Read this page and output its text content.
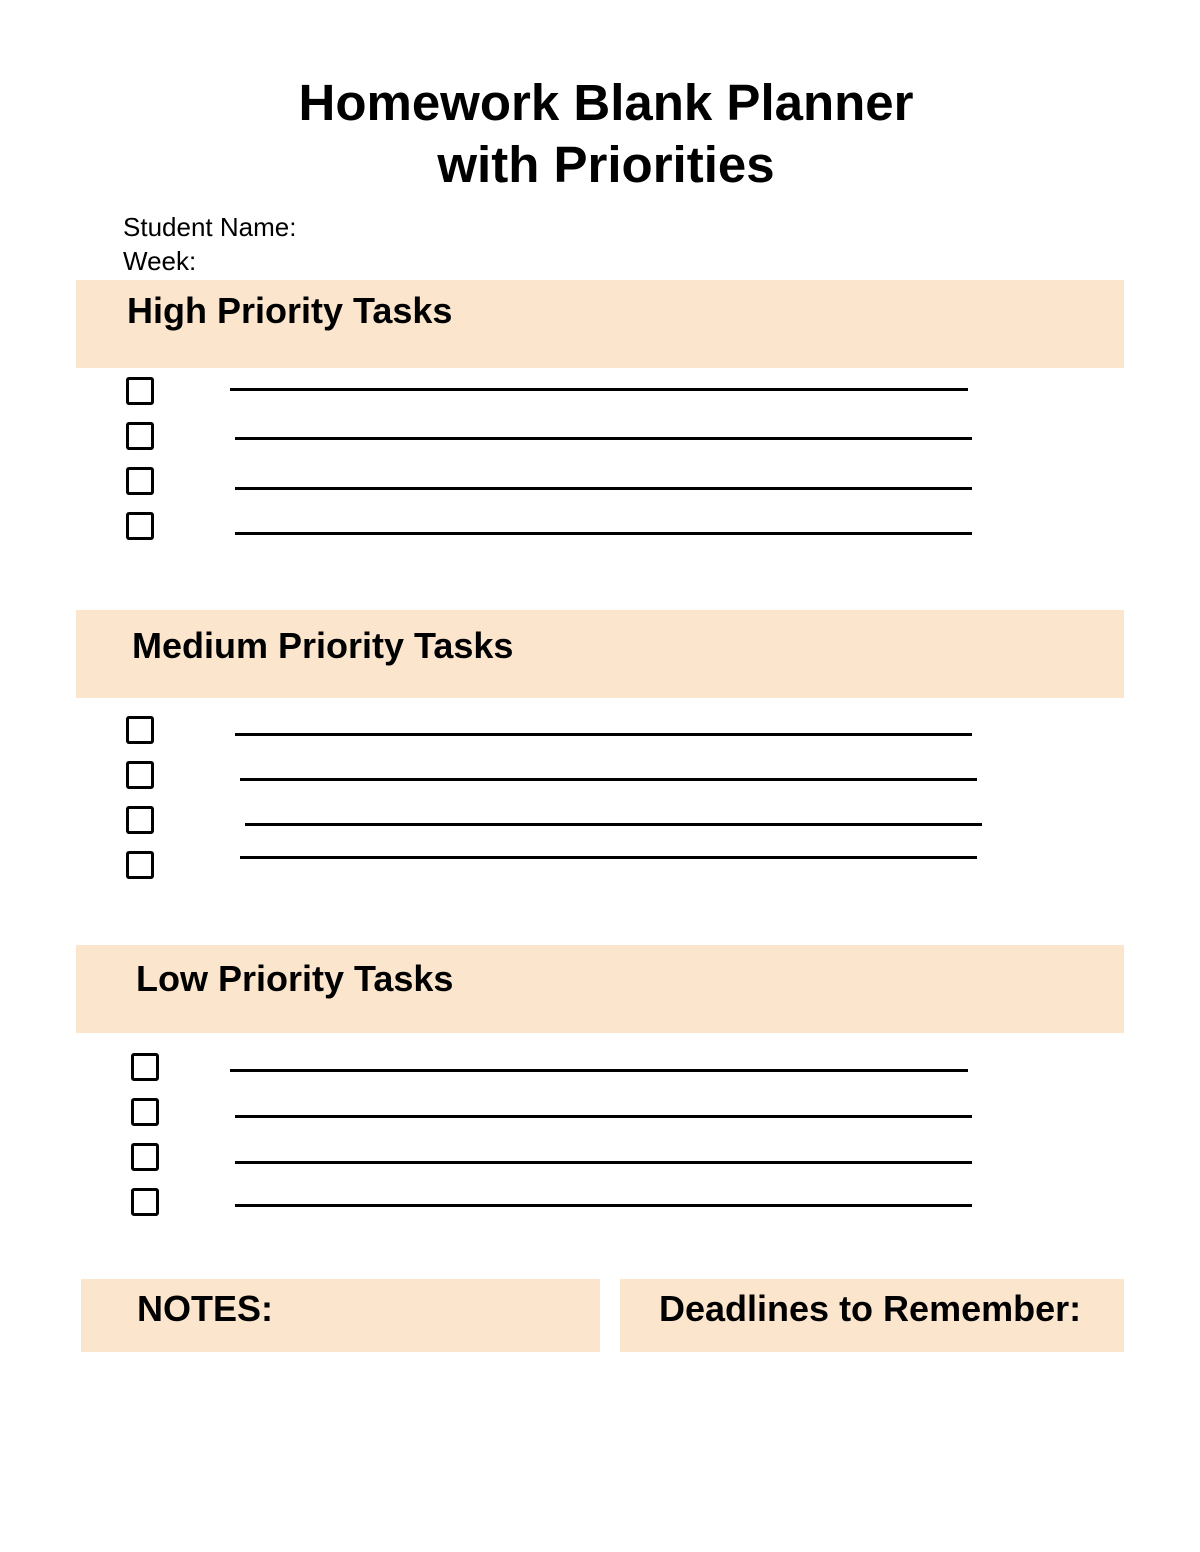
Homework Blank Planner
with Priorities
Student Name:
Week:
High Priority Tasks
Medium Priority Tasks
Low Priority Tasks
NOTES:	Deadlines to Remember:
